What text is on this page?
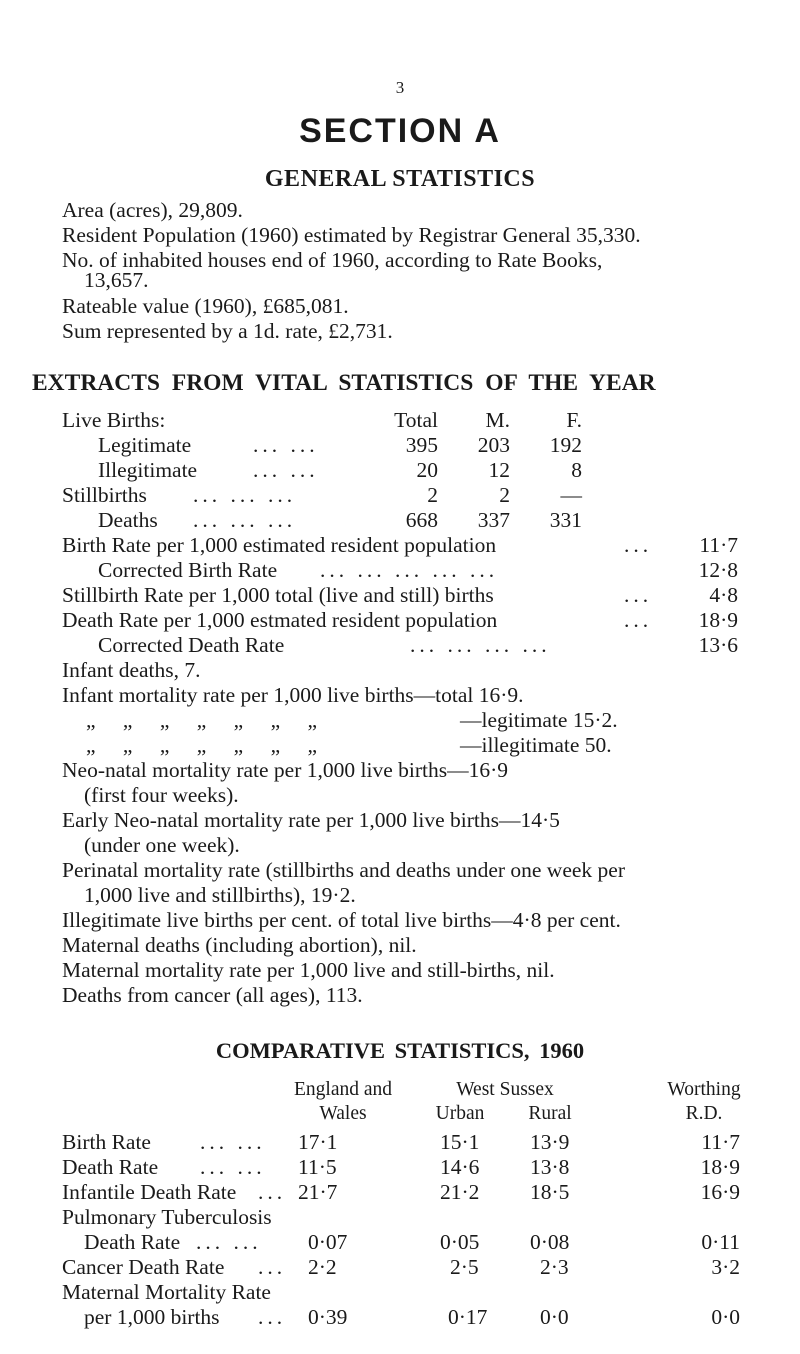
3
SECTION A
GENERAL STATISTICS
Area (acres), 29,809.
Resident Population (1960) estimated by Registrar General 35,330.
No. of inhabited houses end of 1960, according to Rate Books,
13,657.
Rateable value (1960), £685,081.
Sum represented by a 1d. rate, £2,731.
EXTRACTS FROM VITAL STATISTICS OF THE YEAR
Live Births:	Total	M.	F.
Legitimate	... ...	395	203	192
Illegitimate	... ...	20	12	8
Stillbirths ... ... ...	2	2	—
Deaths ... ... ...	668	337	331
Birth Rate per 1,000 estimated resident population	...	11·7
Corrected Birth Rate ... ... ... ... ...	12·8
Stillbirth Rate per 1,000 total (live and still) births	...	4·8
Death Rate per 1,000 estmated resident population	...	18·9
Corrected Death Rate	... ... ... ...	13·6
Infant deaths, 7.
Infant mortality rate per 1,000 live births—total 16·9.
„ „ „ „ „ „ „	—legitimate 15·2.
„ „ „ „ „ „ „	—illegitimate 50.
Neo-natal mortality rate per 1,000 live births—16·9
(first four weeks).
Early Neo-natal mortality rate per 1,000 live births—14·5
(under one week).
Perinatal mortality rate (stillbirths and deaths under one week per
1,000 live and stillbirths), 19·2.
Illegitimate live births per cent. of total live births—4·8 per cent.
Maternal deaths (including abortion), nil.
Maternal mortality rate per 1,000 live and still-births, nil.
Deaths from cancer (all ages), 113.
COMPARATIVE STATISTICS, 1960
England and
Wales
West Sussex
Urban	Rural
Worthing
R.D.
Birth Rate ... ... 17·1	15·1 13·9	11·7
Death Rate ... ... 11·5	14·6 13·8	18·9
Infantile Death Rate ... 21·7	21·2 18·5	16·9
Pulmonary Tuberculosis
Death Rate ... ... 0·07	0·05 0·08	0·11
Cancer Death Rate ... 2·2	2·5	2·3	3·2
Maternal Mortality Rate
per 1,000 births ... 0·39	0·17 0·0	0·0
